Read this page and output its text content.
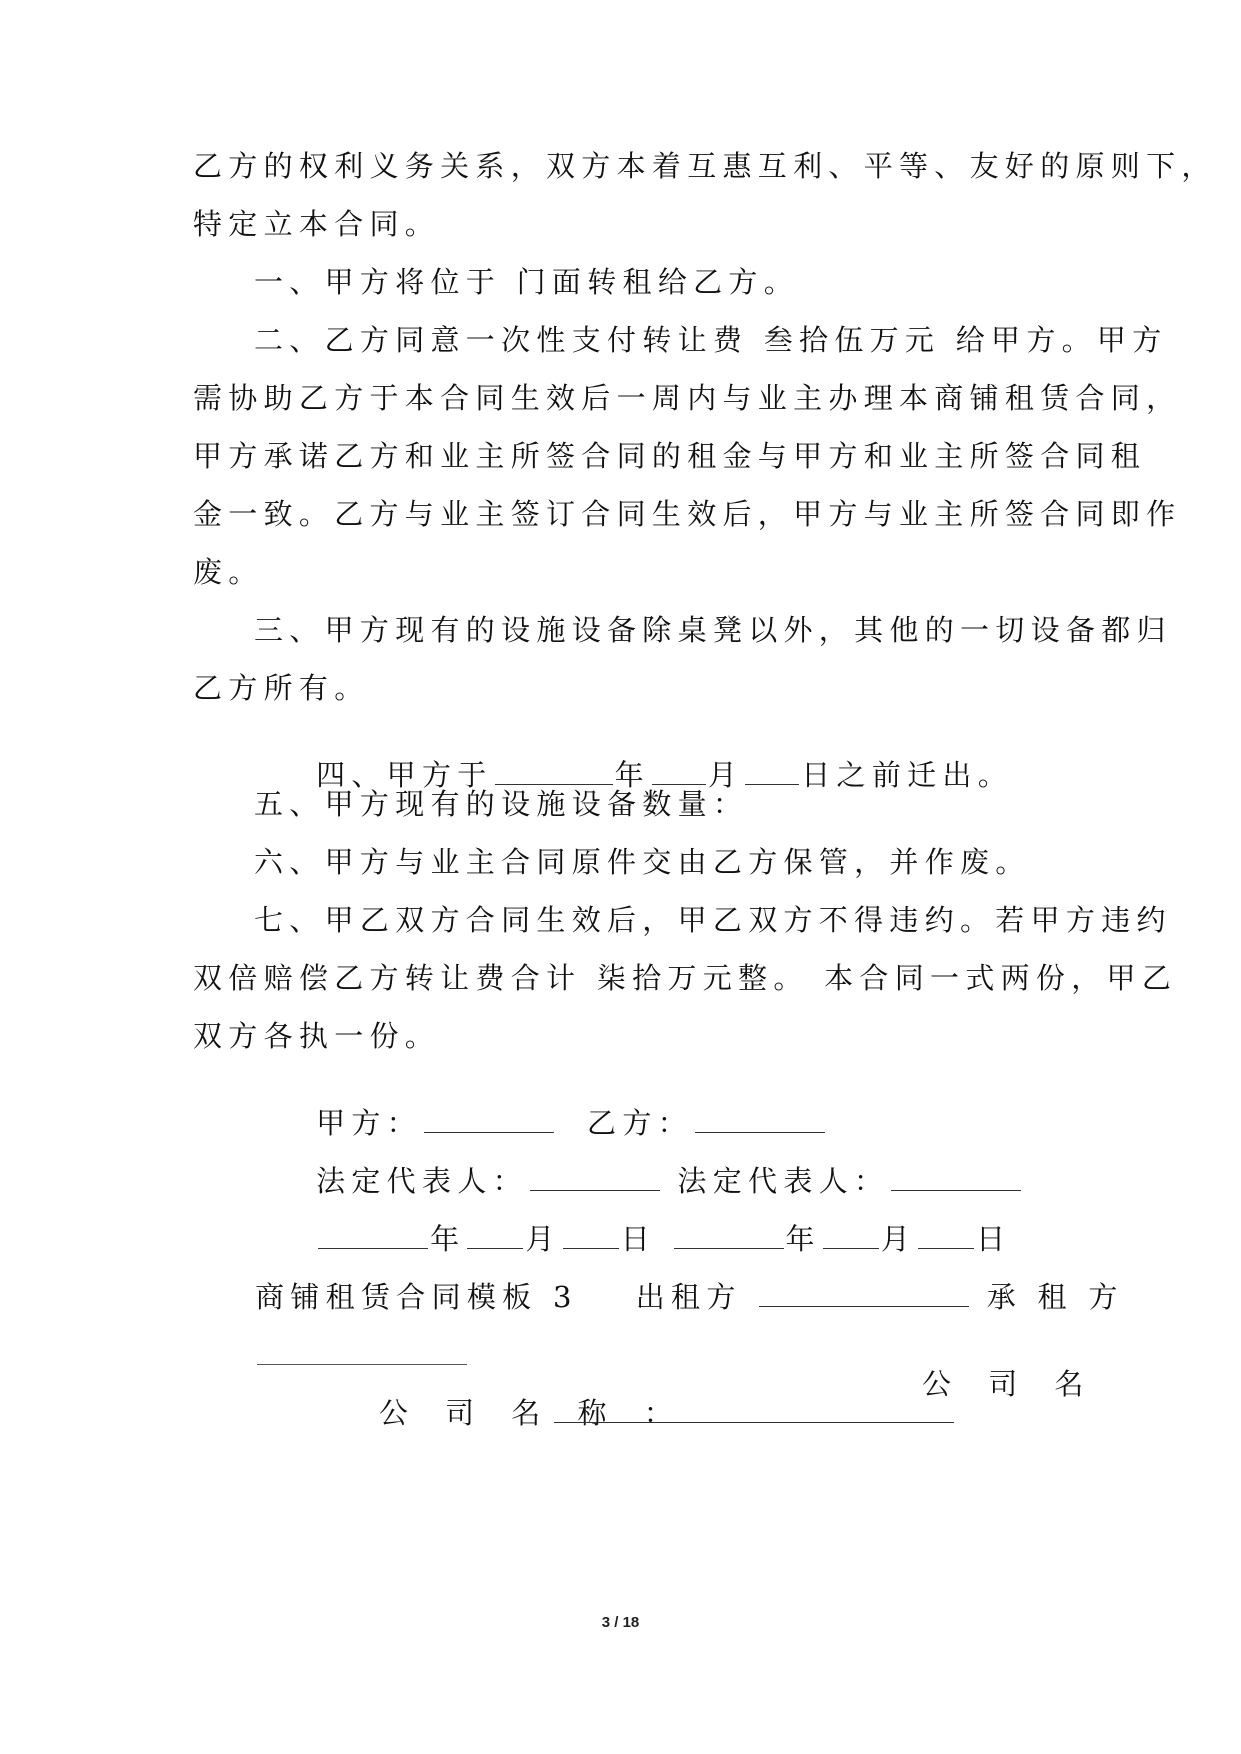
乙方的权利义务关系，双方本着互惠互利、平等、友好的原则下，
特定立本合同。
一、甲方将位于 门面转租给乙方。
二、乙方同意一次性支付转让费 叁拾伍万元 给甲方。甲方
需协助乙方于本合同生效后一周内与业主办理本商铺租赁合同，
甲方承诺乙方和业主所签合同的租金与甲方和业主所签合同租
金一致。乙方与业主签订合同生效后，甲方与业主所签合同即作
废。
三、甲方现有的设施设备除桌凳以外，其他的一切设备都归
乙方所有。

四、甲方于	年 月 日之前迁出。

五、甲方现有的设施设备数量：
六、甲方与业主合同原件交由乙方保管，并作废。
七、甲乙双方合同生效后，甲乙双方不得违约。若甲方违约
双倍赔偿乙方转让费合计 柒拾万元整。 本合同一式两份，甲乙
双方各执一份。

甲方：	乙方：

法定代表人：	法定代表人：

年 月 日	年 月 日

商铺租赁合同模板 3 出租方	承 租 方

公 司 名 称 ：

公 司 名
3 / 18
